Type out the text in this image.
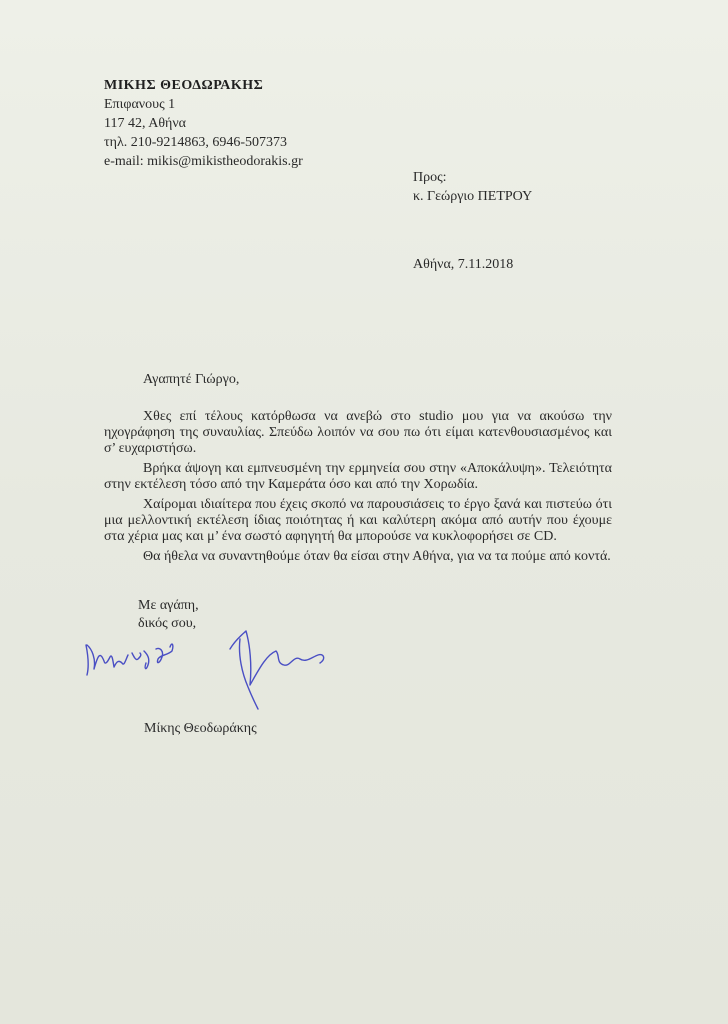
ΜΙΚΗΣ ΘΕΟΔΩΡΑΚΗΣ
Επιφανους 1
117 42, Αθήνα
τηλ. 210-9214863, 6946-507373
e-mail: mikis@mikistheodorakis.gr
Προς:
κ. Γεώργιο ΠΕΤΡΟΥ
Αθήνα, 7.11.2018
Αγαπητέ Γιώργο,

Χθες επί τέλους κατόρθωσα να ανεβώ στο studio μου για να ακούσω την ηχογράφηση της συναυλίας. Σπεύδω λοιπόν να σου πω ότι είμαι κατενθουσιασμένος και σ’ ευχαριστήσω.

Βρήκα άψογη και εμπνευσμένη την ερμηνεία σου στην «Αποκάλυψη». Τελειότητα στην εκτέλεση τόσο από την Καμεράτα όσο και από την Χορωδία.

Χαίρομαι ιδιαίτερα που έχεις σκοπό να παρουσιάσεις το έργο ξανά και πιστεύω ότι μια μελλοντική εκτέλεση ίδιας ποιότητας ή και καλύτερη ακόμα από αυτήν που έχουμε στα χέρια μας και μ’ ένα σωστό αφηγητή θα μπορούσε να κυκλοφορήσει σε CD.

Θα ήθελα να συναντηθούμε όταν θα είσαι στην Αθήνα, για να τα πούμε από κοντά.

Με αγάπη,
δικός σου,
Μίκης Θεοδωράκης
